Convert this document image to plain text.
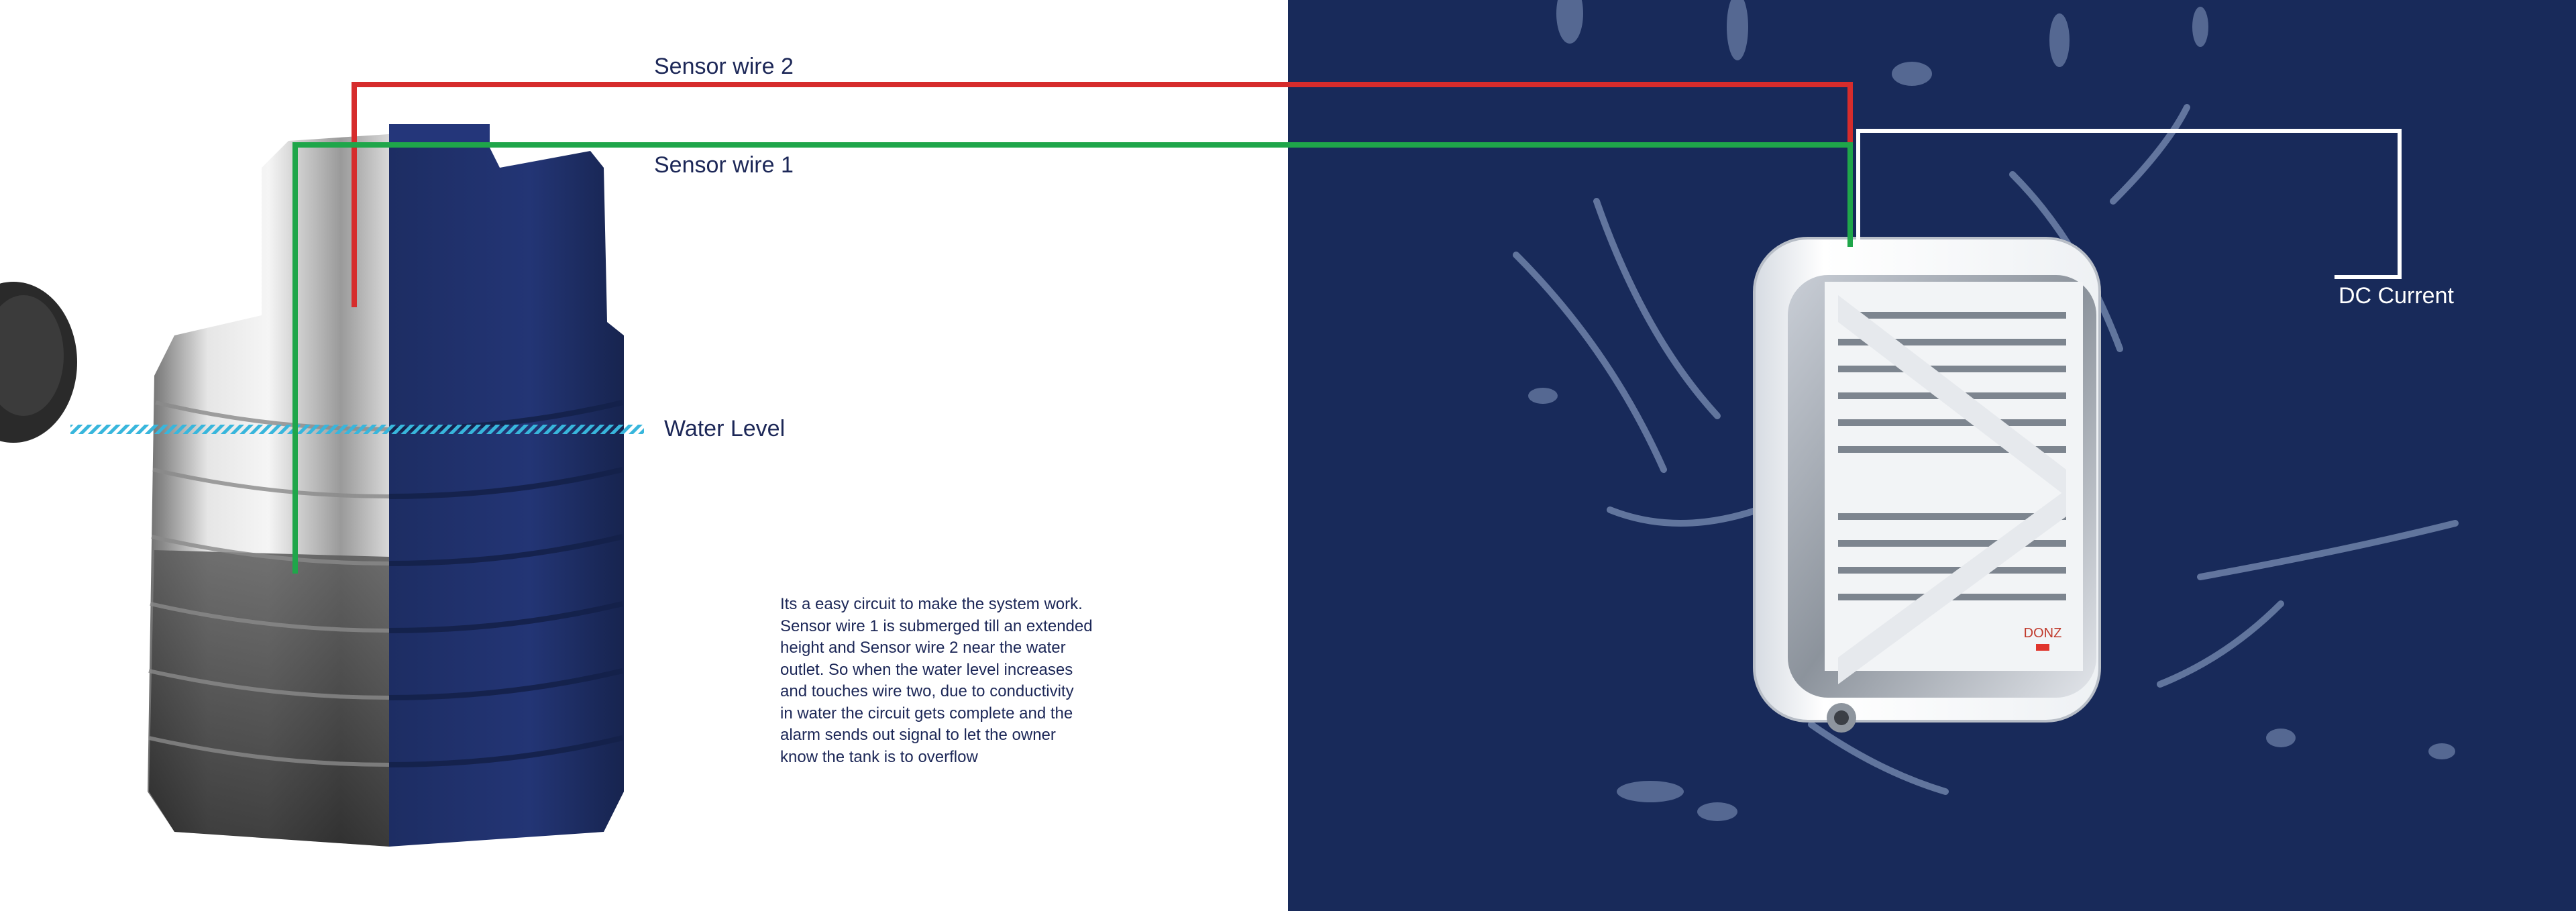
DONZ
Sensor wire 2
Sensor wire 1
Water Level
DC Current
Its a easy circuit to make the system work.
Sensor wire 1 is submerged till an extended
height and Sensor wire 2 near the water
outlet. So when the water level increases
and touches wire two, due to conductivity
in water the circuit gets complete and the
alarm sends out signal to let the owner
know the tank is to overflow
